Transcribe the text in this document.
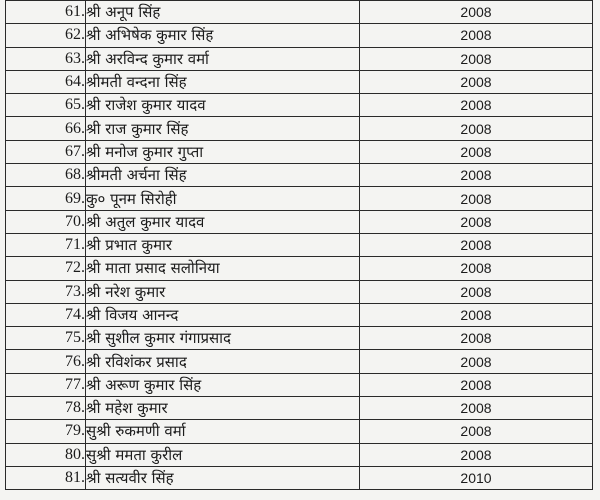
61.	श्री अनूप सिंह	2008
62.	श्री अभिषेक कुमार सिंह	2008
63.	श्री अरविन्द कुमार वर्मा	2008
64.	श्रीमती वन्दना सिंह	2008
65.	श्री राजेश कुमार यादव	2008
66.	श्री राज कुमार सिंह	2008
67.	श्री मनोज कुमार गुप्ता	2008
68.	श्रीमती अर्चना सिंह	2008
69.	कु० पूनम सिरोही	2008
70.	श्री अतुल कुमार यादव	2008
71.	श्री प्रभात कुमार	2008
72.	श्री माता प्रसाद सलोनिया	2008
73.	श्री नरेश कुमार	2008
74.	श्री विजय आनन्द	2008
75.	श्री सुशील कुमार गंगाप्रसाद	2008
76.	श्री रविशंकर प्रसाद	2008
77.	श्री अरूण कुमार सिंह	2008
78.	श्री महेश कुमार	2008
79.	सुश्री रुकमणी वर्मा	2008
80.	सुश्री ममता कुरील	2008
81.	श्री सत्यवीर सिंह	2010
